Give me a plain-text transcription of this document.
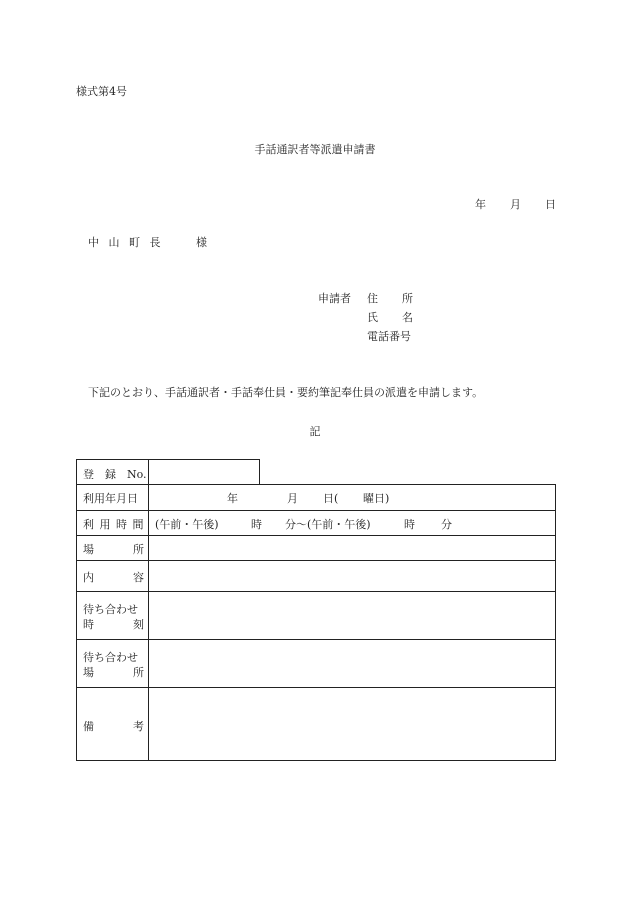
様式第4号
手話通訳者等派遣申請書
年 月 日
中 山 町 長	様
申請者 住 所
氏 名
電話番号
下記のとおり、手話通訳者・手話奉仕員・要約筆記奉仕員の派遣を申請します。
記
登　録　No.
利用年月日	年	月 日( 曜日)
利 用 時 間 (午前・午後)	時 分～(午前・午後)	時 分
場	所
内	容
待ち合わせ
時	刻
待ち合わせ
場	所
備	考
